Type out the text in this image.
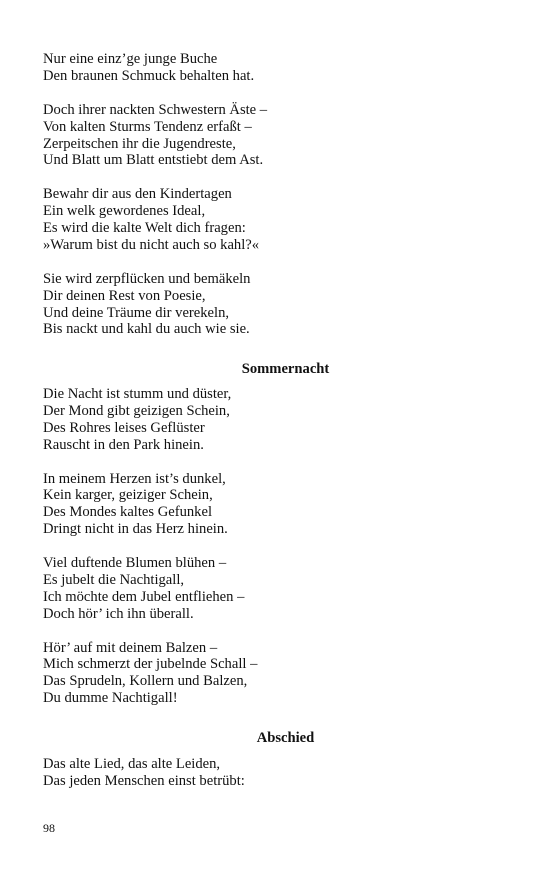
Nur eine einz’ge junge Buche
Den braunen Schmuck behalten hat.
Doch ihrer nackten Schwestern Äste –
Von kalten Sturms Tendenz erfaßt –
Zerpeitschen ihr die Jugendreste,
Und Blatt um Blatt entstiebt dem Ast.
Bewahr dir aus den Kindertagen
Ein welk gewordenes Ideal,
Es wird die kalte Welt dich fragen:
»Warum bist du nicht auch so kahl?«
Sie wird zerpflücken und bemäkeln
Dir deinen Rest von Poesie,
Und deine Träume dir verekeln,
Bis nackt und kahl du auch wie sie.
Sommernacht
Die Nacht ist stumm und düster,
Der Mond gibt geizigen Schein,
Des Rohres leises Geflüster
Rauscht in den Park hinein.
In meinem Herzen ist’s dunkel,
Kein karger, geiziger Schein,
Des Mondes kaltes Gefunkel
Dringt nicht in das Herz hinein.
Viel duftende Blumen blühen –
Es jubelt die Nachtigall,
Ich möchte dem Jubel entfliehen –
Doch hör’ ich ihn überall.
Hör’ auf mit deinem Balzen –
Mich schmerzt der jubelnde Schall –
Das Sprudeln, Kollern und Balzen,
Du dumme Nachtigall!
Abschied
Das alte Lied, das alte Leiden,
Das jeden Menschen einst betrübt:
98
